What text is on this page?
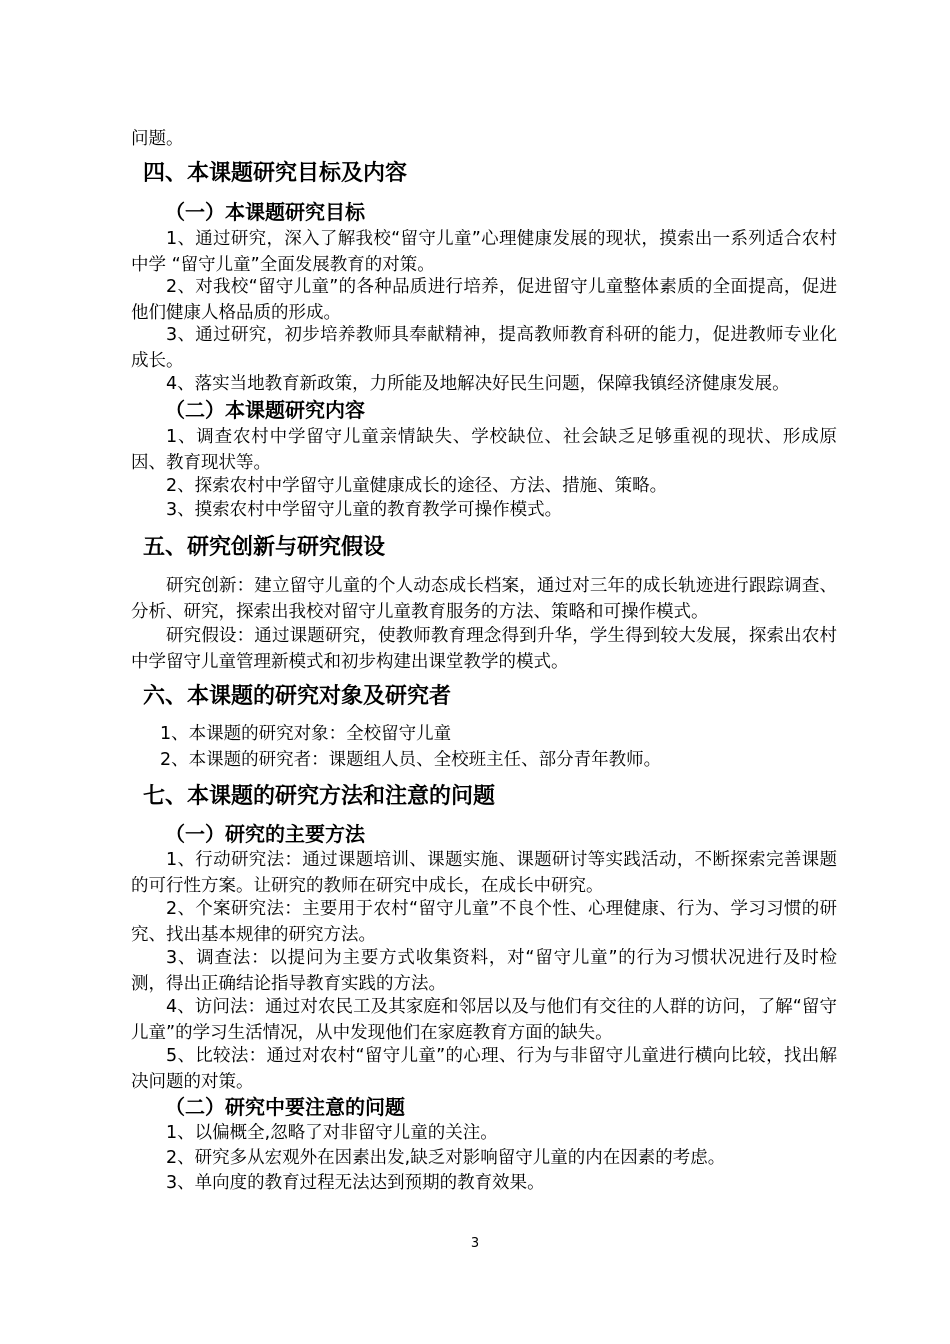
问题。

四、本课题研究目标及内容
（一）本课题研究目标

1、通过研究，深入了解我校“留守儿童”心理健康发展的现状，摸索出一系列适合农村中学 “留守儿童”全面发展教育的对策。

2、对我校“留守儿童”的各种品质进行培养，促进留守儿童整体素质的全面提高，促进他们健康人格品质的形成。

3、通过研究，初步培养教师具奉献精神，提高教师教育科研的能力，促进教师专业化成长。

4、落实当地教育新政策，力所能及地解决好民生问题，保障我镇经济健康发展。

（二）本课题研究内容

1、调查农村中学留守儿童亲情缺失、学校缺位、社会缺乏足够重视的现状、形成原因、教育现状等。

2、探索农村中学留守儿童健康成长的途径、方法、措施、策略。

3、摸索农村中学留守儿童的教育教学可操作模式。

五、研究创新与研究假设

研究创新：建立留守儿童的个人动态成长档案，通过对三年的成长轨迹进行跟踪调查、分析、研究，探索出我校对留守儿童教育服务的方法、策略和可操作模式。

研究假设：通过课题研究，使教师教育理念得到升华，学生得到较大发展，探索出农村中学留守儿童管理新模式和初步构建出课堂教学的模式。

六、本课题的研究对象及研究者

1、本课题的研究对象：全校留守儿童

2、本课题的研究者：课题组人员、全校班主任、部分青年教师。

七、本课题的研究方法和注意的问题
（一）研究的主要方法

1、行动研究法：通过课题培训、课题实施、课题研讨等实践活动，不断探索完善课题的可行性方案。让研究的教师在研究中成长，在成长中研究。

2、个案研究法：主要用于农村“留守儿童”不良个性、心理健康、行为、学习习惯的研究、找出基本规律的研究方法。

3、调查法：以提问为主要方式收集资料，对“留守儿童”的行为习惯状况进行及时检测，得出正确结论指导教育实践的方法。

4、访问法：通过对农民工及其家庭和邻居以及与他们有交往的人群的访问，了解“留守儿童”的学习生活情况，从中发现他们在家庭教育方面的缺失。

5、比较法：通过对农村“留守儿童”的心理、行为与非留守儿童进行横向比较，找出解决问题的对策。

（二）研究中要注意的问题

1、以偏概全,忽略了对非留守儿童的关注。

2、研究多从宏观外在因素出发,缺乏对影响留守儿童的内在因素的考虑。

3、单向度的教育过程无法达到预期的教育效果。

3
